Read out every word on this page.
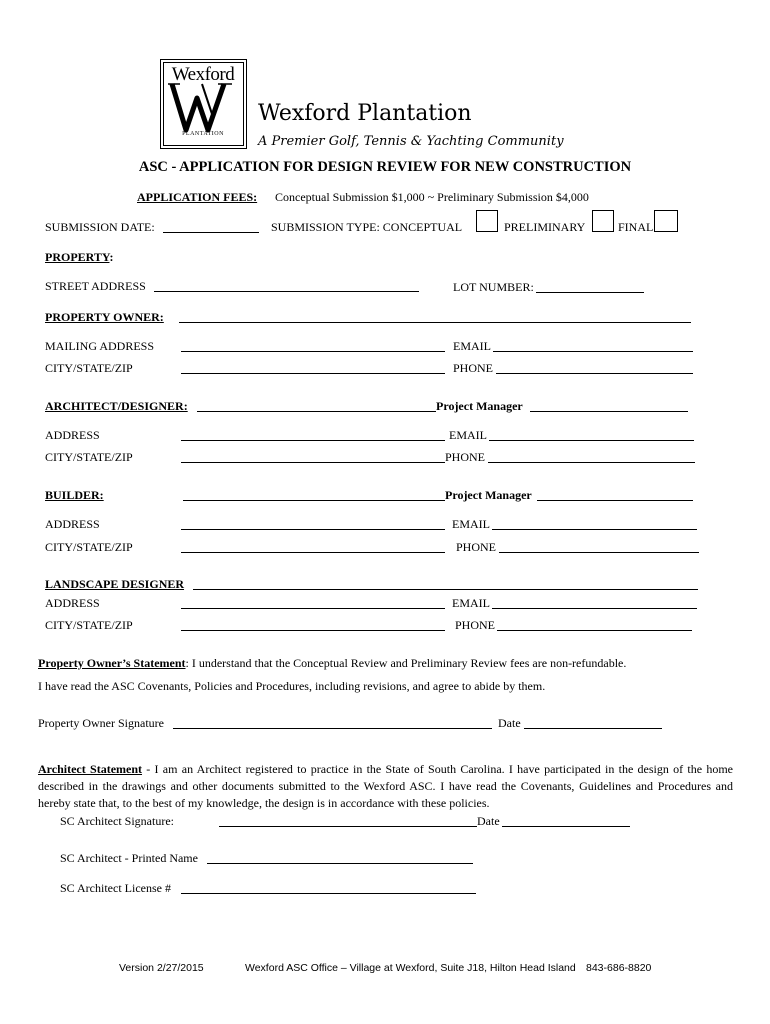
Wexford
PLANTATION
Wexford Plantation
A Premier Golf, Tennis & Yachting Community
ASC - APPLICATION FOR DESIGN REVIEW FOR NEW CONSTRUCTION
APPLICATION FEES: Conceptual Submission $1,000 ~ Preliminary Submission $4,000
SUBMISSION DATE:	SUBMISSION TYPE: CONCEPTUAL	PRELIMINARY	FINAL
PROPERTY:
STREET ADDRESS	LOT NUMBER:
PROPERTY OWNER:
MAILING ADDRESS	EMAIL
CITY/STATE/ZIP	PHONE
ARCHITECT/DESIGNER:	Project Manager
ADDRESS	EMAIL
CITY/STATE/ZIP	PHONE
BUILDER:	Project Manager
ADDRESS	EMAIL
CITY/STATE/ZIP	PHONE
LANDSCAPE DESIGNER
ADDRESS	EMAIL
CITY/STATE/ZIP	PHONE
Property Owner’s Statement: I understand that the Conceptual Review and Preliminary Review fees are non-refundable.
I have read the ASC Covenants, Policies and Procedures, including revisions, and agree to abide by them.
Property Owner Signature	Date
Architect Statement - I am an Architect registered to practice in the State of South Carolina. I have participated in the design of the home described in the drawings and other documents submitted to the Wexford ASC. I have read the Covenants, Guidelines and Procedures and hereby state that, to the best of my knowledge, the design is in accordance with these policies.
SC Architect Signature:	Date
SC Architect - Printed Name
SC Architect License #
Version 2/27/2015	Wexford ASC Office – Village at Wexford, Suite J18, Hilton Head Island 843-686-8820
